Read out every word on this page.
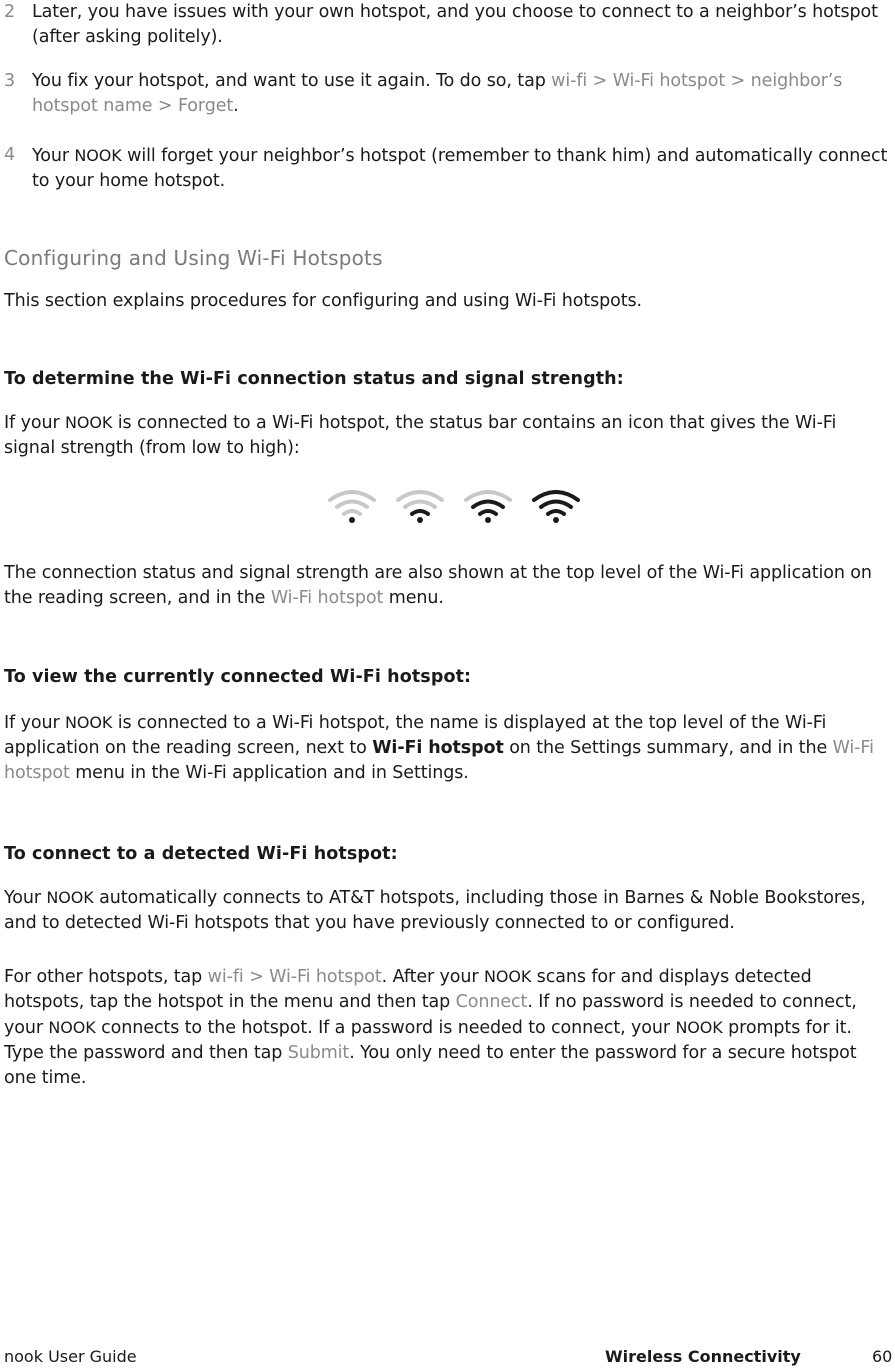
2 Later, you have issues with your own hotspot, and you choose to connect to a neighbor’s hotspot (after asking politely).
3 You fix your hotspot, and want to use it again. To do so, tap wi-fi > Wi-Fi hotspot > neighbor’s hotspot name > Forget.
4 Your NOOK will forget your neighbor’s hotspot (remember to thank him) and automatically connect to your home hotspot.
Configuring and Using Wi-Fi Hotspots
This section explains procedures for configuring and using Wi-Fi hotspots.
To determine the Wi-Fi connection status and signal strength:
If your NOOK is connected to a Wi-Fi hotspot, the status bar contains an icon that gives the Wi-Fi signal strength (from low to high):
The connection status and signal strength are also shown at the top level of the Wi-Fi application on the reading screen, and in the Wi-Fi hotspot menu.
To view the currently connected Wi-Fi hotspot:
If your NOOK is connected to a Wi-Fi hotspot, the name is displayed at the top level of the Wi-Fi application on the reading screen, next to Wi-Fi hotspot on the Settings summary, and in the Wi-Fi hotspot menu in the Wi-Fi application and in Settings.
To connect to a detected Wi-Fi hotspot:
Your NOOK automatically connects to AT&T hotspots, including those in Barnes & Noble Bookstores, and to detected Wi-Fi hotspots that you have previously connected to or configured.
For other hotspots, tap wi-fi > Wi-Fi hotspot. After your NOOK scans for and displays detected hotspots, tap the hotspot in the menu and then tap Connect. If no password is needed to connect, your NOOK connects to the hotspot. If a password is needed to connect, your NOOK prompts for it. Type the password and then tap Submit. You only need to enter the password for a secure hotspot one time.
nook User Guide	Wireless Connectivity	60
